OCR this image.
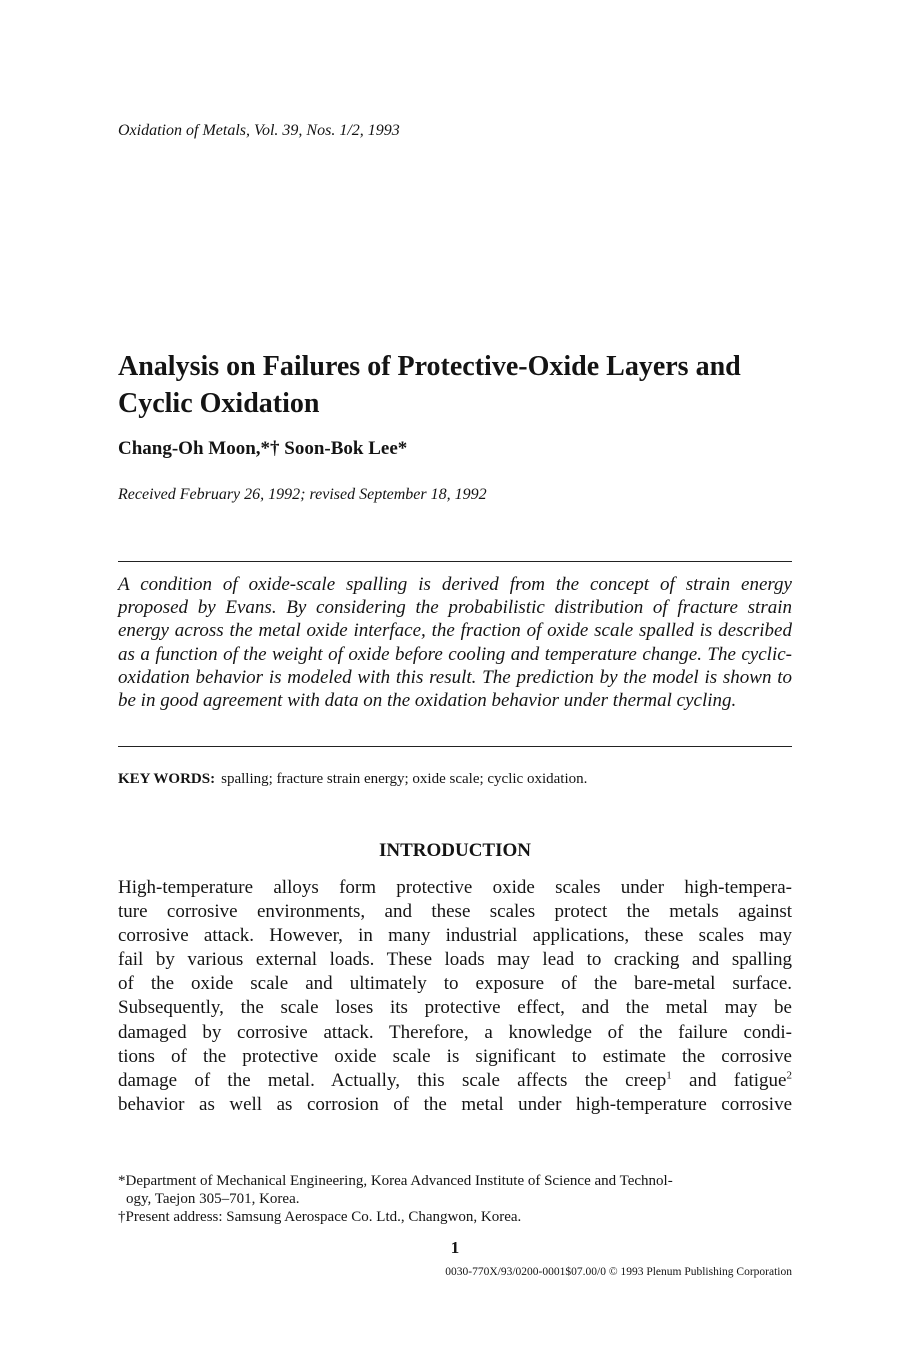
Oxidation of Metals, Vol. 39, Nos. 1/2, 1993
Analysis on Failures of Protective-Oxide Layers and Cyclic Oxidation
Chang-Oh Moon,*† Soon-Bok Lee*
Received February 26, 1992; revised September 18, 1992

A condition of oxide-scale spalling is derived from the concept of strain energy proposed by Evans. By considering the probabilistic distribution of fracture strain energy across the metal oxide interface, the fraction of oxide scale spalled is described as a function of the weight of oxide before cooling and temperature change. The cyclic-oxidation behavior is modeled with this result. The prediction by the model is shown to be in good agreement with data on the oxidation behavior under thermal cycling.

KEY WORDS: spalling; fracture strain energy; oxide scale; cyclic oxidation.
INTRODUCTION
High-temperature alloys form protective oxide scales under high-tempera-
ture corrosive environments, and these scales protect the metals against
corrosive attack. However, in many industrial applications, these scales may
fail by various external loads. These loads may lead to cracking and spalling
of the oxide scale and ultimately to exposure of the bare-metal surface.
Subsequently, the scale loses its protective effect, and the metal may be
damaged by corrosive attack. Therefore, a knowledge of the failure condi-
tions of the protective oxide scale is significant to estimate the corrosive
damage of the metal. Actually, this scale affects the creep$^1$ and fatigue$^2$
behavior as well as corrosion of the metal under high-temperature corrosive
*Department of Mechanical Engineering, Korea Advanced Institute of Science and Technol-
ogy, Taejon 305–701, Korea.
†Present address: Samsung Aerospace Co. Ltd., Changwon, Korea.
1
0030-770X/93/0200-0001$07.00/0 © 1993 Plenum Publishing Corporation
